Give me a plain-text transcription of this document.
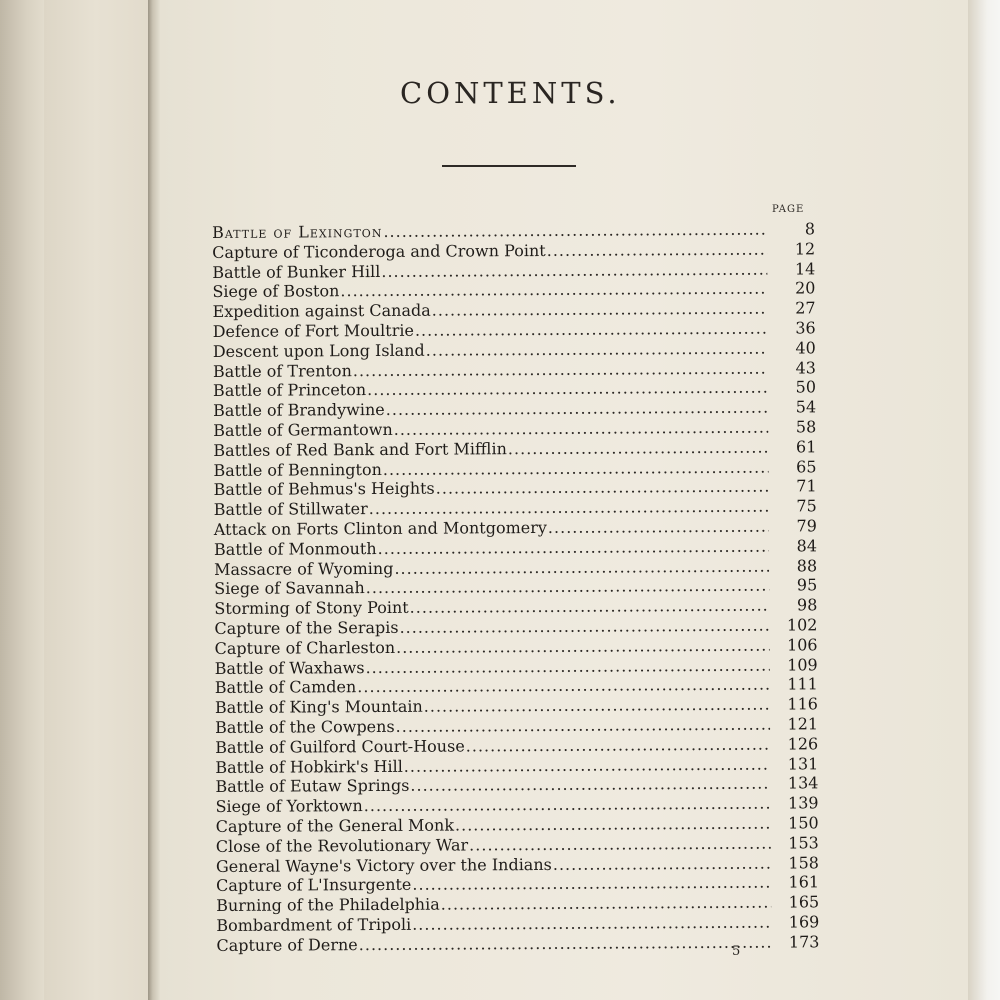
CONTENTS.
PAGE
Battle of Lexington .....	8
Capture of Ticonderoga and Crown Point .....	12
Battle of Bunker Hill .....	14
Siege of Boston .....	20
Expedition against Canada .....	27
Defence of Fort Moultrie .....	36
Descent upon Long Island .....	40
Battle of Trenton .....	43
Battle of Princeton .....	50
Battle of Brandywine .....	54
Battle of Germantown .....	58
Battles of Red Bank and Fort Mifflin .....	61
Battle of Bennington .....	65
Battle of Behmus's Heights .....	71
Battle of Stillwater .....	75
Attack on Forts Clinton and Montgomery .....	79
Battle of Monmouth .....	84
Massacre of Wyoming .....	88
Siege of Savannah .....	95
Storming of Stony Point .....	98
Capture of the Serapis .....	102
Capture of Charleston .....	106
Battle of Waxhaws .....	109
Battle of Camden .....	111
Battle of King's Mountain .....	116
Battle of the Cowpens .....	121
Battle of Guilford Court-House .....	126
Battle of Hobkirk's Hill .....	131
Battle of Eutaw Springs .....	134
Siege of Yorktown .....	139
Capture of the General Monk .....	150
Close of the Revolutionary War .....	153
General Wayne's Victory over the Indians .....	158
Capture of L'Insurgente .....	161
Burning of the Philadelphia .....	165
Bombardment of Tripoli .....	169
Capture of Derne .....	173
5
